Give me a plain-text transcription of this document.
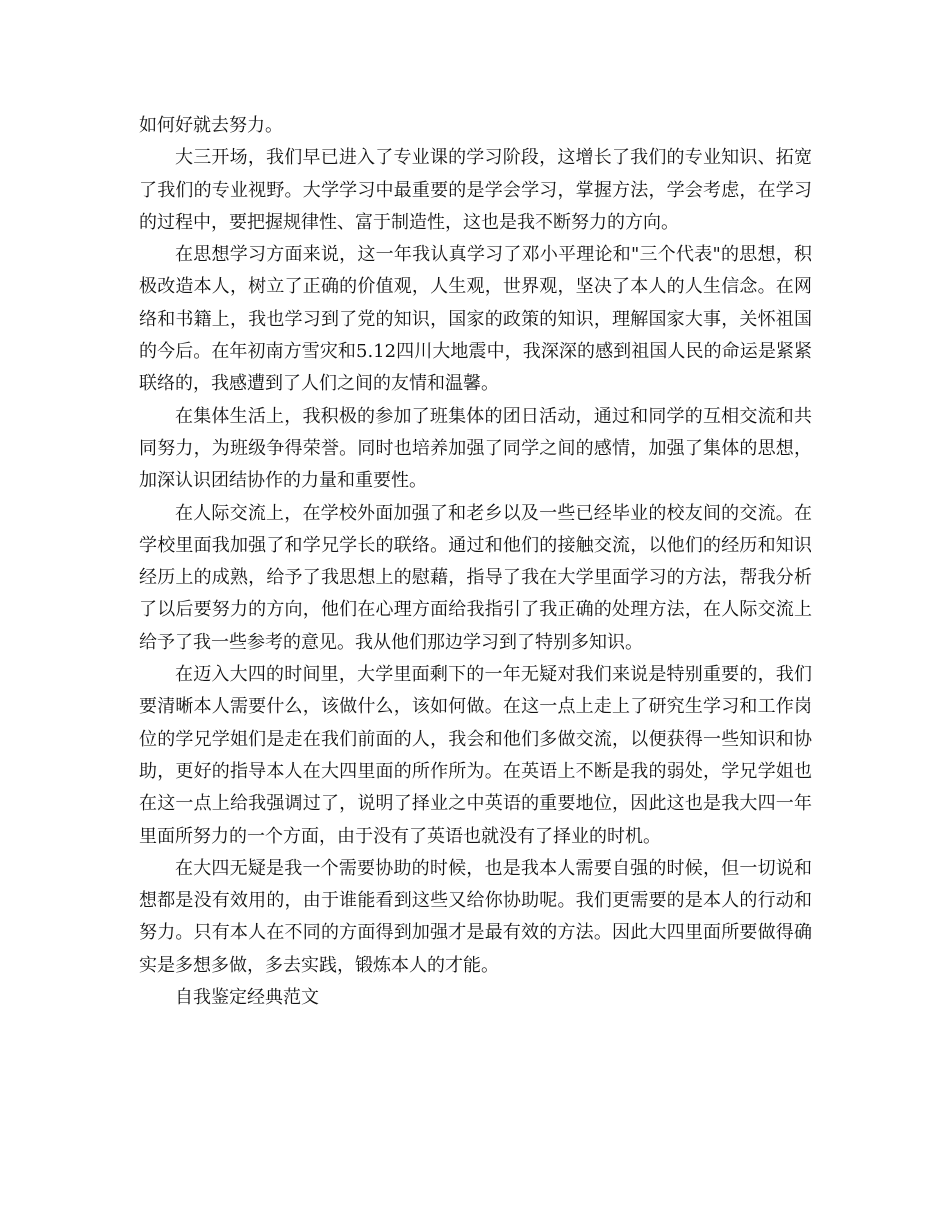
如何好就去努力。

大三开场，我们早已进入了专业课的学习阶段，这增长了我们的专业知识、拓宽了我们的专业视野。大学学习中最重要的是学会学习，掌握方法，学会考虑，在学习的过程中，要把握规律性、富于制造性，这也是我不断努力的方向。

在思想学习方面来说，这一年我认真学习了邓小平理论和"三个代表"的思想，积极改造本人，树立了正确的价值观，人生观，世界观，坚决了本人的人生信念。在网络和书籍上，我也学习到了党的知识，国家的政策的知识，理解国家大事，关怀祖国的今后。在年初南方雪灾和5.12四川大地震中，我深深的感到祖国人民的命运是紧紧联络的，我感遭到了人们之间的友情和温馨。

在集体生活上，我积极的参加了班集体的团日活动，通过和同学的互相交流和共同努力，为班级争得荣誉。同时也培养加强了同学之间的感情，加强了集体的思想，加深认识团结协作的力量和重要性。

在人际交流上，在学校外面加强了和老乡以及一些已经毕业的校友间的交流。在学校里面我加强了和学兄学长的联络。通过和他们的接触交流，以他们的经历和知识经历上的成熟，给予了我思想上的慰藉，指导了我在大学里面学习的方法，帮我分析了以后要努力的方向，他们在心理方面给我指引了我正确的处理方法，在人际交流上给予了我一些参考的意见。我从他们那边学习到了特别多知识。

在迈入大四的时间里，大学里面剩下的一年无疑对我们来说是特别重要的，我们要清晰本人需要什么，该做什么，该如何做。在这一点上走上了研究生学习和工作岗位的学兄学姐们是走在我们前面的人，我会和他们多做交流，以便获得一些知识和协助，更好的指导本人在大四里面的所作所为。在英语上不断是我的弱处，学兄学姐也在这一点上给我强调过了，说明了择业之中英语的重要地位，因此这也是我大四一年里面所努力的一个方面，由于没有了英语也就没有了择业的时机。

在大四无疑是我一个需要协助的时候，也是我本人需要自强的时候，但一切说和想都是没有效用的，由于谁能看到这些又给你协助呢。我们更需要的是本人的行动和努力。只有本人在不同的方面得到加强才是最有效的方法。因此大四里面所要做得确实是多想多做，多去实践，锻炼本人的才能。

自我鉴定经典范文
